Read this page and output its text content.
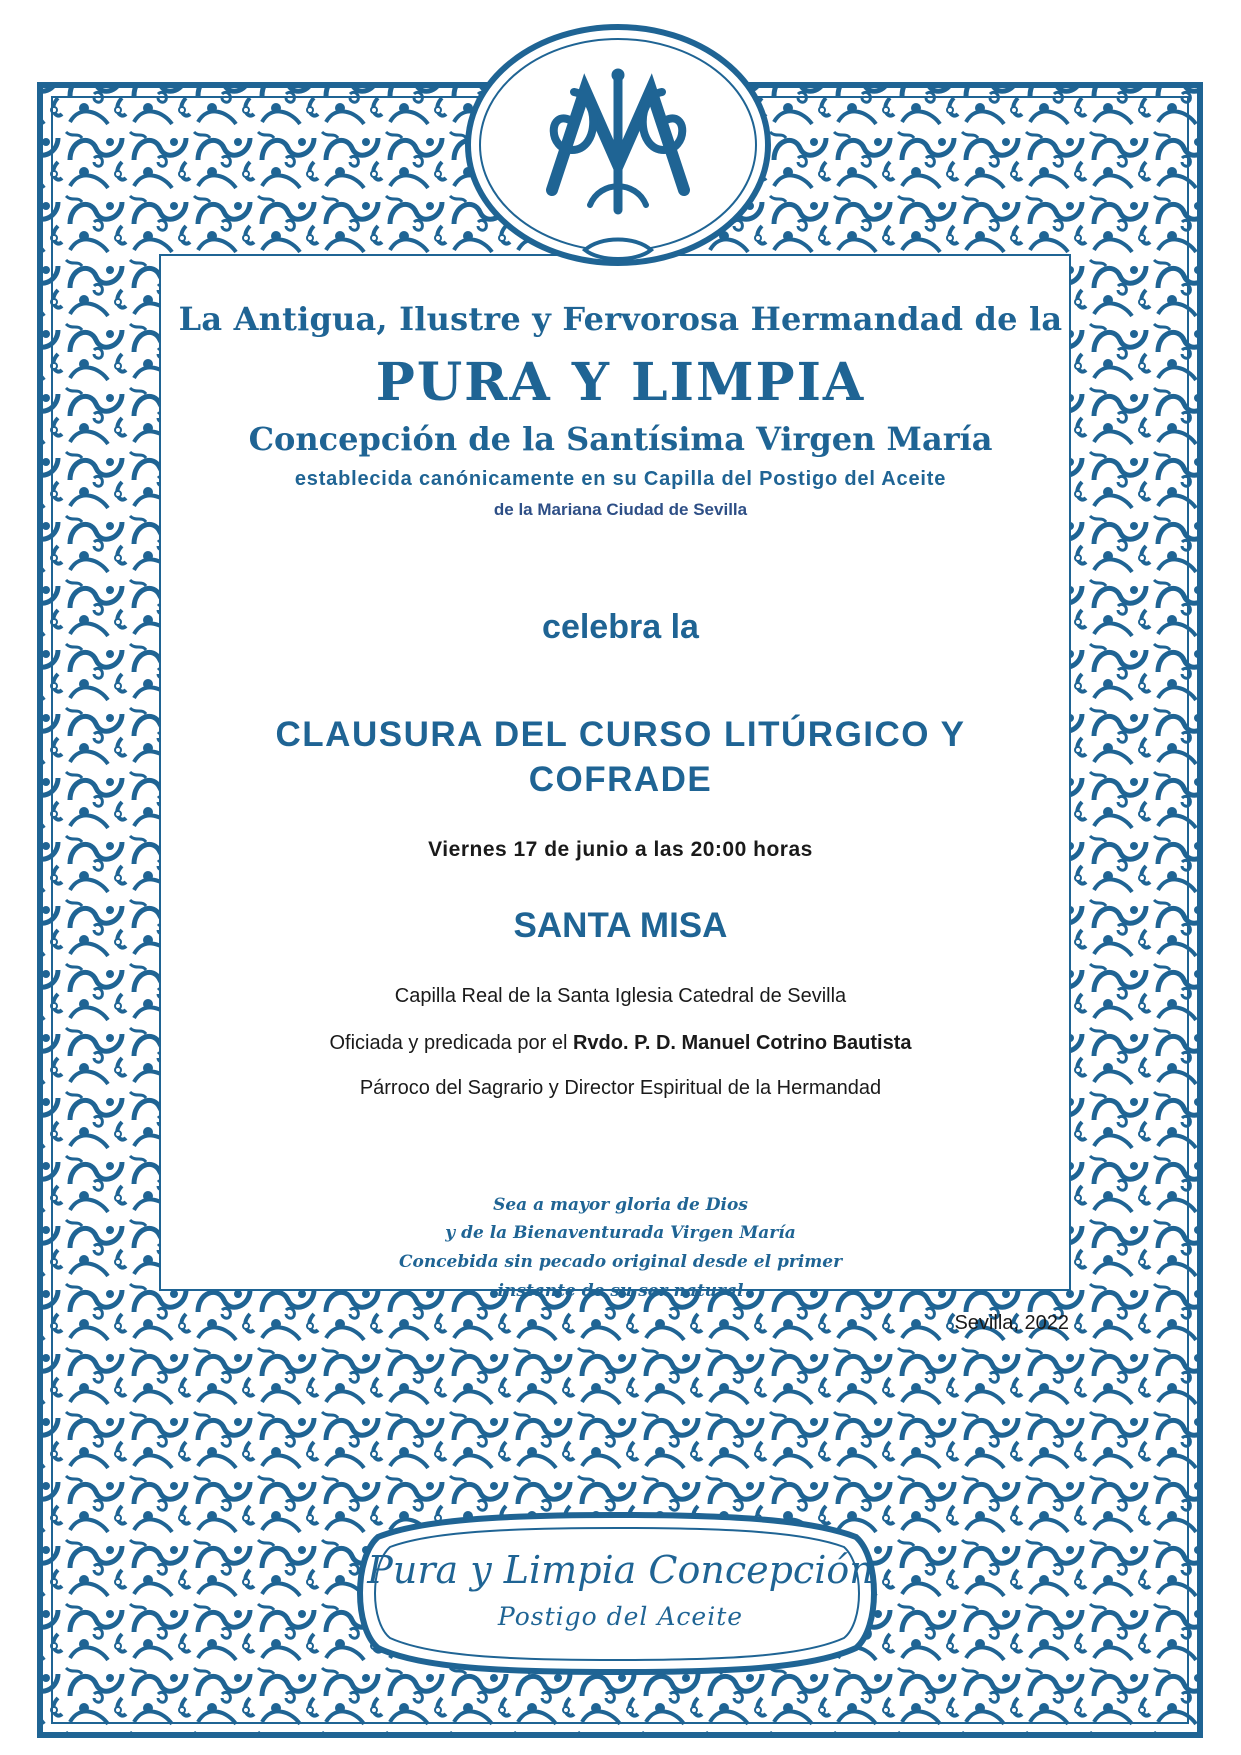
La Antigua, Ilustre y Fervorosa Hermandad de la

PURA Y LIMPIA

Concepción de la Santísima Virgen María

establecida canónicamente en su Capilla del Postigo del Aceite

de la Mariana Ciudad de Sevilla

celebra la

CLAUSURA DEL CURSO LITÚRGICO Y

COFRADE

Viernes 17 de junio a las 20:00 horas

SANTA MISA

Capilla Real de la Santa Iglesia Catedral de Sevilla

Oficiada y predicada por el Rvdo. P. D. Manuel Cotrino Bautista

Párroco del Sagrario y Director Espiritual de la Hermandad

Sea a mayor gloria de Dios

y de la Bienaventurada Virgen María

Concebida sin pecado original desde el primer

instante de su ser natural

Sevilla, 2022

Pura y Limpia Concepción

Postigo del Aceite
